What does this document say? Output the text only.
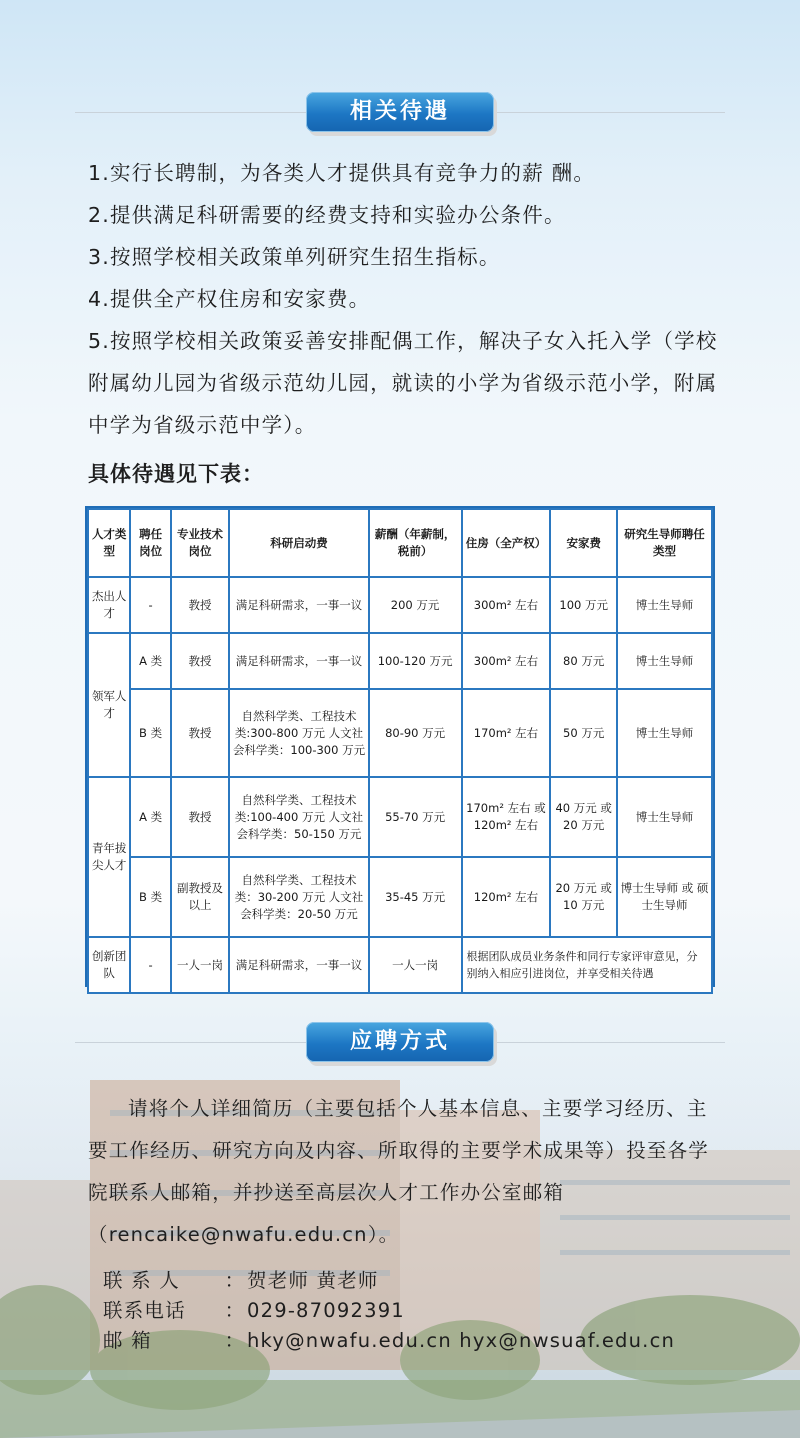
相关待遇

1.实行长聘制，为各类人才提供具有竞争力的薪 酬。

2.提供满足科研需要的经费支持和实验办公条件。

3.按照学校相关政策单列研究生招生指标。

4.提供全产权住房和安家费。

5.按照学校相关政策妥善安排配偶工作，解决子女入托入学（学校附属幼儿园为省级示范幼儿园，就读的小学为省级示范小学，附属中学为省级示范中学）。

具体待遇见下表：
人才类型	聘任岗位	专业技术岗位	科研启动费	薪酬（年薪制，税前）	住房（全产权）	安家费	研究生导师聘任类型
杰出人才	-	教授	满足科研需求，一事一议	200 万元	300m² 左右	100 万元	博士生导师
领军人才	A 类	教授	满足科研需求，一事一议	100-120 万元	300m² 左右	80 万元	博士生导师
	B 类	教授	自然科学类、工程技术类:300-800 万元 人文社会科学类：100-300 万元	80-90 万元	170m² 左右	50 万元	博士生导师
青年拔尖人才	A 类	教授	自然科学类、工程技术类:100-400 万元 人文社会科学类：50-150 万元	55-70 万元	170m² 左右 或 120m² 左右	40 万元 或 20 万元	博士生导师
	B 类	副教授及以上	自然科学类、工程技术类：30-200 万元 人文社会科学类：20-50 万元	35-45 万元	120m² 左右	20 万元 或 10 万元	博士生导师 或 硕士生导师
创新团队	-	一人一岗	满足科研需求，一事一议	一人一岗	根据团队成员业务条件和同行专家评审意见，分别纳入相应引进岗位，并享受相关待遇		
应聘方式

请将个人详细简历（主要包括个人基本信息、主要学习经历、主要工作经历、研究方向及内容、所取得的主要学术成果等）投至各学院联系人邮箱，并抄送至高层次人才工作办公室邮箱（rencaike@nwafu.edu.cn）。

联 系 人	： 贺老师 黄老师
联系电话	： 029-87092391
邮 箱	： hky@nwafu.edu.cn hyx@nwsuaf.edu.cn
